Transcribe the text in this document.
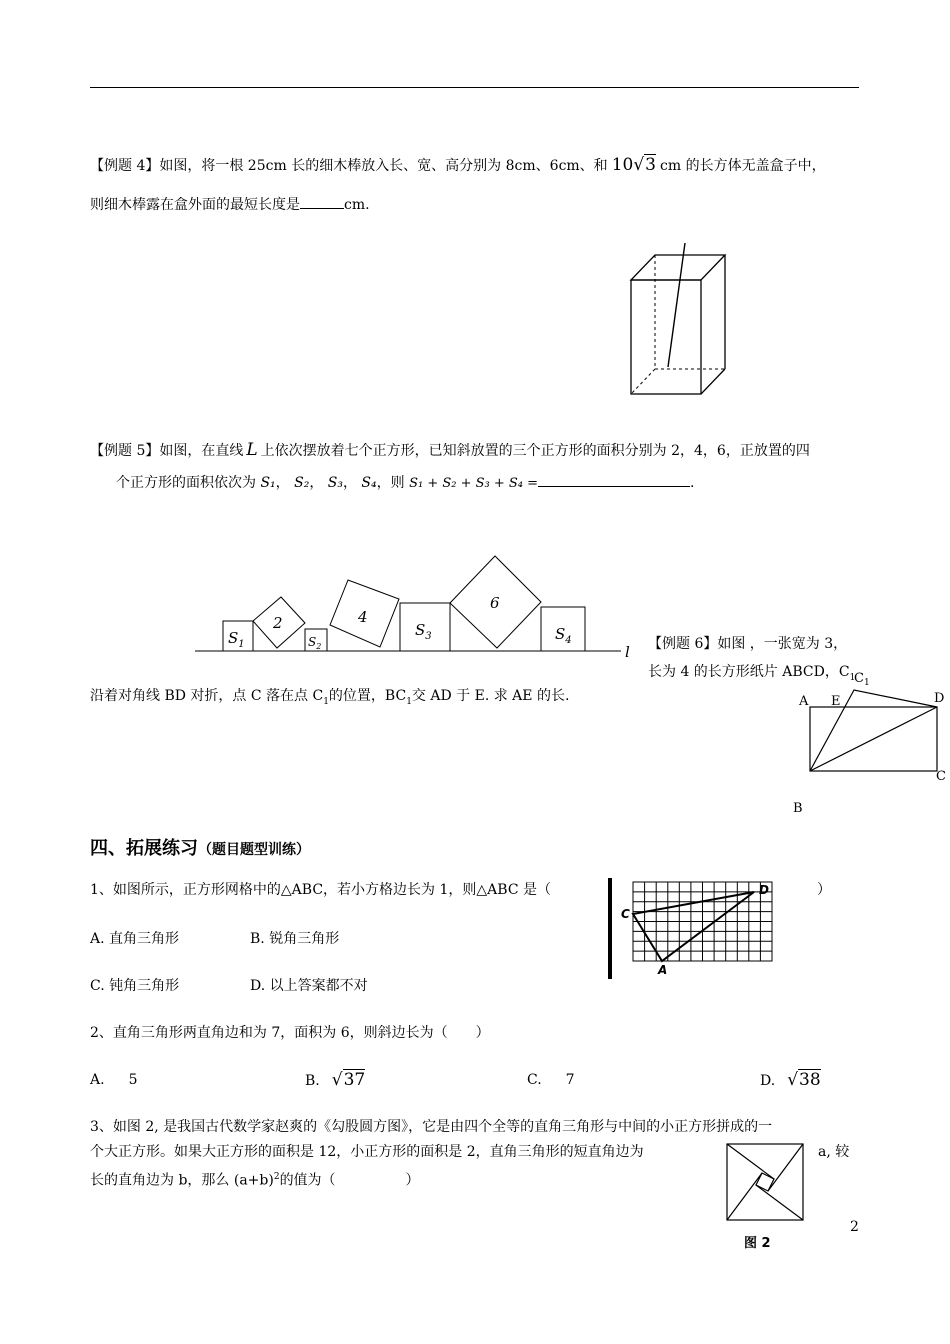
【例题 4】如图，将一根 25cm 长的细木棒放入长、宽、高分别为 8cm、6cm、和 10√3 cm 的长方体无盖盒子中，
则细木棒露在盒外面的最短长度是	cm.
【例题 5】如图，在直线 L 上依次摆放着七个正方形，已知斜放置的三个正方形的面积分别为 2，4，6，正放置的四
个正方形的面积依次为 S₁， S₂， S₃， S₄，则 S₁ + S₂ + S₃ + S₄ =	.
$S_1$
2
$S_2$
4
$S_3$
6
$S_4$
l 【例题 6】如图 ，一张宽为 3，
长为 4 的长方形纸片 ABCD，$C_1$
沿着对角线 BD 对折，点 C 落在点 $C_1$的位置，$BC_1$交 AD 于 E. 求 AE 的长.	A E
$C_1$
D
B
C
四、拓展练习（题目题型训练）
1、如图所示，正方形网格中的△ABC，若小方格边长为 1，则△ABC 是（	）
A. 直角三角形	B. 锐角三角形
C. 钝角三角形	D. 以上答案都不对
C
D
A
2、直角三角形两直角边和为 7，面积为 6，则斜边长为（　　）
A. 5	B. √37	C. 7	D. √38
3、如图 2, 是我国古代数学家赵爽的《勾股圆方图》，它是由四个全等的直角三角形与中间的小正方形拼成的一
个大正方形。如果大正方形的面积是 12，小正方形的面积是 2，直角三角形的短直角边为	a, 较
长的直角边为 b，那么 $(a+b)^2$的值为（　　　　　）
图 2
2
